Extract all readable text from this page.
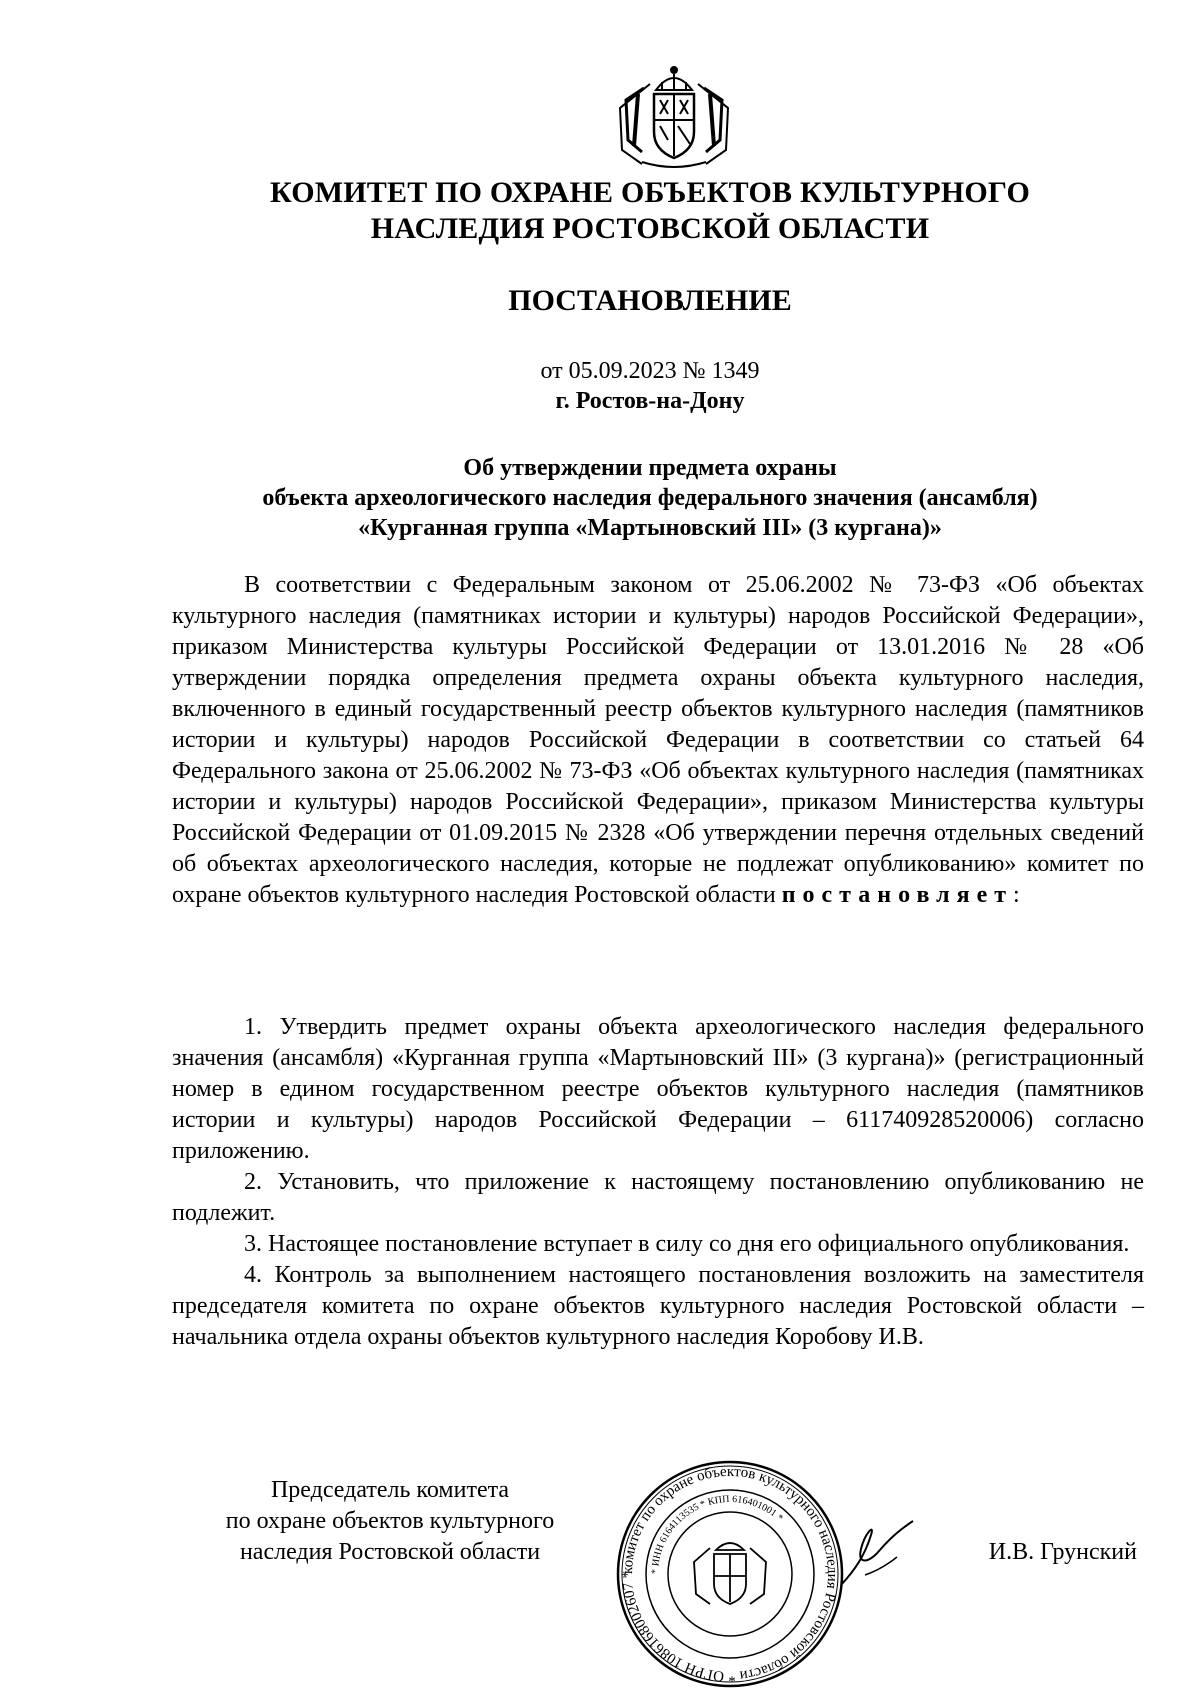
КОМИТЕТ ПО ОХРАНЕ ОБЪЕКТОВ КУЛЬТУРНОГО
НАСЛЕДИЯ РОСТОВСКОЙ ОБЛАСТИ
ПОСТАНОВЛЕНИЕ
от 05.09.2023 № 1349
г. Ростов-на-Дону
Об утверждении предмета охраны
объекта археологического наследия федерального значения (ансамбля)
«Курганная группа «Мартыновский III» (3 кургана)»

В соответствии с Федеральным законом от 25.06.2002 № 73-ФЗ «Об объектах культурного наследия (памятниках истории и культуры) народов Российской Федерации», приказом Министерства культуры Российской Федерации от 13.01.2016 № 28 «Об утверждении порядка определения предмета охраны объекта культурного наследия, включенного в единый государственный реестр объектов культурного наследия (памятников истории и культуры) народов Российской Федерации в соответствии со статьей 64 Федерального закона от 25.06.2002 № 73-ФЗ «Об объектах культурного наследия (памятниках истории и культуры) народов Российской Федерации», приказом Министерства культуры Российской Федерации от 01.09.2015 № 2328 «Об утверждении перечня отдельных сведений об объектах археологического наследия, которые не подлежат опубликованию» комитет по охране объектов культурного наследия Ростовской области постановляет:

1. Утвердить предмет охраны объекта археологического наследия федерального значения (ансамбля) «Курганная группа «Мартыновский III» (3 кургана)» (регистрационный номер в едином государственном реестре объектов культурного наследия (памятников истории и культуры) народов Российской Федерации – 611740928520006) согласно приложению.

2. Установить, что приложение к настоящему постановлению опубликованию не подлежит.

3. Настоящее постановление вступает в силу со дня его официального опубликования.

4. Контроль за выполнением настоящего постановления возложить на заместителя председателя комитета по охране объектов культурного наследия Ростовской области – начальника отдела охраны объектов культурного наследия Коробову И.В.

Председатель комитета
по охране объектов культурного
наследия Ростовской области
комитет по охране объектов культурного наследия Ростовской области * ОГРН 1086168002607 *	* ИНН 6164113535 * КПП 616401001 *
И.В. Грунский
